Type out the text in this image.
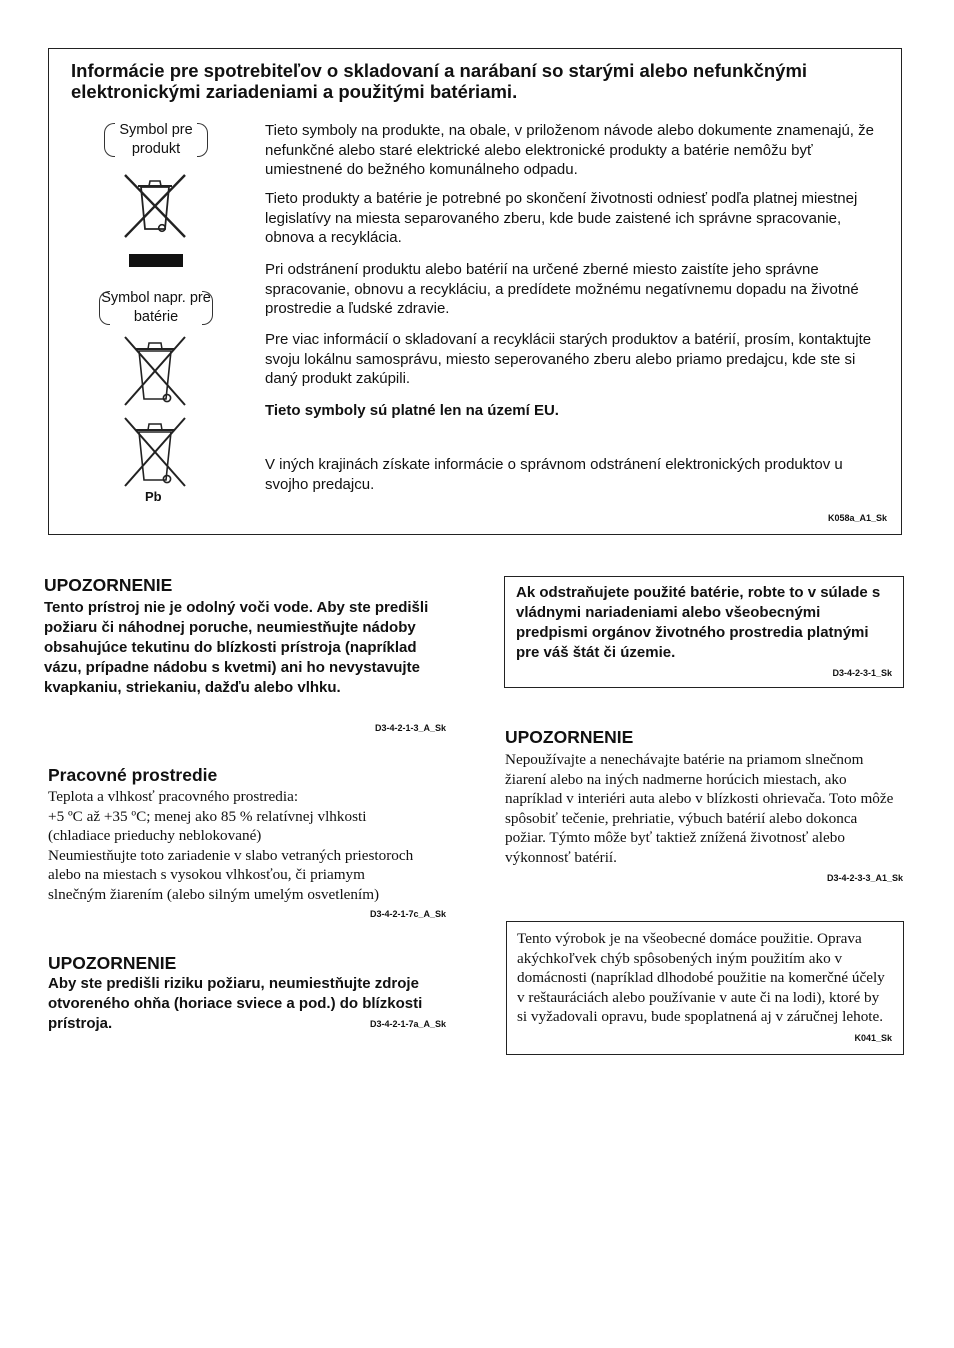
Informácie pre spotrebiteľov o skladovaní a narábaní so starými alebo nefunkčnými elektronickými zariadeniami a použitými batériami.
Symbol pre produkt
Symbol napr. pre batérie
Pb
Tieto symboly na produkte, na obale, v priloženom návode alebo dokumente znamenajú, že nefunkčné alebo staré elektrické alebo elektronické produkty a batérie nemôžu byť umiestnené do bežného komunálneho odpadu.
Tieto produkty a batérie je potrebné po skončení životnosti odniesť podľa platnej miestnej legislatívy na miesta separovaného zberu, kde bude zaistené ich správne spracovanie, obnova a recyklácia.
Pri odstránení produktu alebo batérií na určené zberné miesto zaistíte jeho správne spracovanie, obnovu a recykláciu, a predídete možnému negatívnemu dopadu na životné prostredie a ľudské zdravie.
Pre viac informácií o skladovaní a recyklácii starých produktov a batérií, prosím, kontaktujte svoju lokálnu samosprávu, miesto seperovaného zberu alebo priamo predajcu, kde ste si daný produkt zakúpili.
Tieto symboly sú platné len na území EU.
V iných krajinách získate informácie o správnom odstránení elektronických produktov u svojho predajcu.
K058a_A1_Sk
UPOZORNENIE
Tento prístroj nie je odolný voči vode. Aby ste predišli požiaru či náhodnej poruche, neumiestňujte nádoby obsahujúce tekutinu do blízkosti prístroja (napríklad vázu, prípadne nádobu s kvetmi) ani ho nevystavujte kvapkaniu, striekaniu, dažďu alebo vlhku.
D3-4-2-1-3_A_Sk
Pracovné prostredie

Teplota a vlhkosť pracovného prostredia:

+5 ºC až +35 ºC; menej ako 85 % relatívnej vlhkosti

(chladiace prieduchy neblokované)

Neumiestňujte toto zariadenie v slabo vetraných priestoroch

alebo na miestach s vysokou vlhkosťou, či priamym

slnečným žiarením (alebo silným umelým osvetlením)

D3-4-2-1-7c_A_Sk
UPOZORNENIE
Aby ste predišli riziku požiaru, neumiestňujte zdroje otvoreného ohňa (horiace sviece a pod.) do blízkosti prístroja.	D3-4-2-1-7a_A_Sk
Ak odstraňujete použité batérie, robte to v súlade s vládnymi nariadeniami alebo všeobecnými predpismi orgánov životného prostredia platnými pre váš štát či územie.
D3-4-2-3-1_Sk
UPOZORNENIE
Nepoužívajte a nenechávajte batérie na priamom slnečnom žiarení alebo na iných nadmerne horúcich miestach, ako napríklad v interiéri auta alebo v blízkosti ohrievača. Toto môže spôsobiť tečenie, prehriatie, výbuch batérií alebo dokonca požiar. Týmto môže byť taktiež znížená životnosť alebo výkonnosť batérií.
D3-4-2-3-3_A1_Sk
Tento výrobok je na všeobecné domáce použitie. Oprava akýchkoľvek chýb spôsobených iným použitím ako v domácnosti (napríklad dlhodobé použitie na komerčné účely v reštauráciách alebo používanie v aute či na lodi), ktoré by si vyžadovali opravu, bude spoplatnená aj v záručnej lehote.
K041_Sk
